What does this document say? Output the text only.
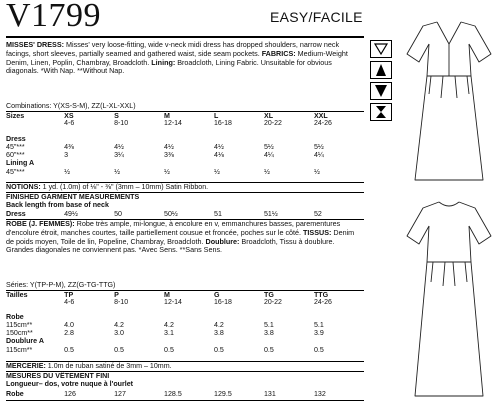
V1799	EASY/FACILE
MISSES' DRESS: Misses' very loose-fitting, wide v-neck midi dress has dropped shoulders, narrow neck facings, short sleeves, partially seamed and gathered waist, side seam pockets. FABRICS: Medium-Weight Denim, Linen, Poplin, Chambray, Broadcloth. Lining: Broadcloth, Lining Fabric. Unsuitable for obvious diagonals. *With Nap. **Without Nap.
Combinations: Y(XS-S-M), ZZ(L-XL-XXL)
Sizes	XS	S	M	L	XL	XXL
	4-6	8-10	12-14	16-18	20-22	24-26

Dress						
45"***	4⅜	4½	4½	4½	5½	5½
60"***	3	3¼	3⅜	4⅛	4¼	4¼
Lining A						
45"***	½	½	½	½	½	½
NOTIONS: 1 yd. (1.0m) of ⅛" - ⅜" (3mm – 10mm) Satin Ribbon.
FINISHED GARMENT MEASUREMENTS
Back length from base of neck
Dress	49½	50	50½	51	51½	52
ROBE (J. FEMMES): Robe très ample, mi-longue, à encolure en v, emmanchures basses, parementures d'encolure étroit, manches courtes, taille partiellement cousue et froncée, poches sur le côté. TISSUS: Denim de poids moyen, Toile de lin, Popeline, Chambray, Broadcloth. Doublure: Broadcloth, Tissu à doublure. Grandes diagonales ne conviennent pas. *Avec Sens. **Sans Sens.
Séries: Y(TP-P-M), ZZ(G-TG-TTG)
Tailles	TP	P	M	G	TG	TTG
	4-6	8-10	12-14	16-18	20-22	24-26

Robe						
115cm**	4.0	4.2	4.2	4.2	5.1	5.1
150cm**	2.8	3.0	3.1	3.8	3.8	3.9
Doublure A						
115cm**	0.5	0.5	0.5	0.5	0.5	0.5
MERCERIE: 1.0m de ruban satiné de 3mm – 10mm.
MESURES DU VÊTEMENT FINI
Longueur– dos, votre nuque à l'ourlet
Robe	126	127	128.5	129.5	131	132
